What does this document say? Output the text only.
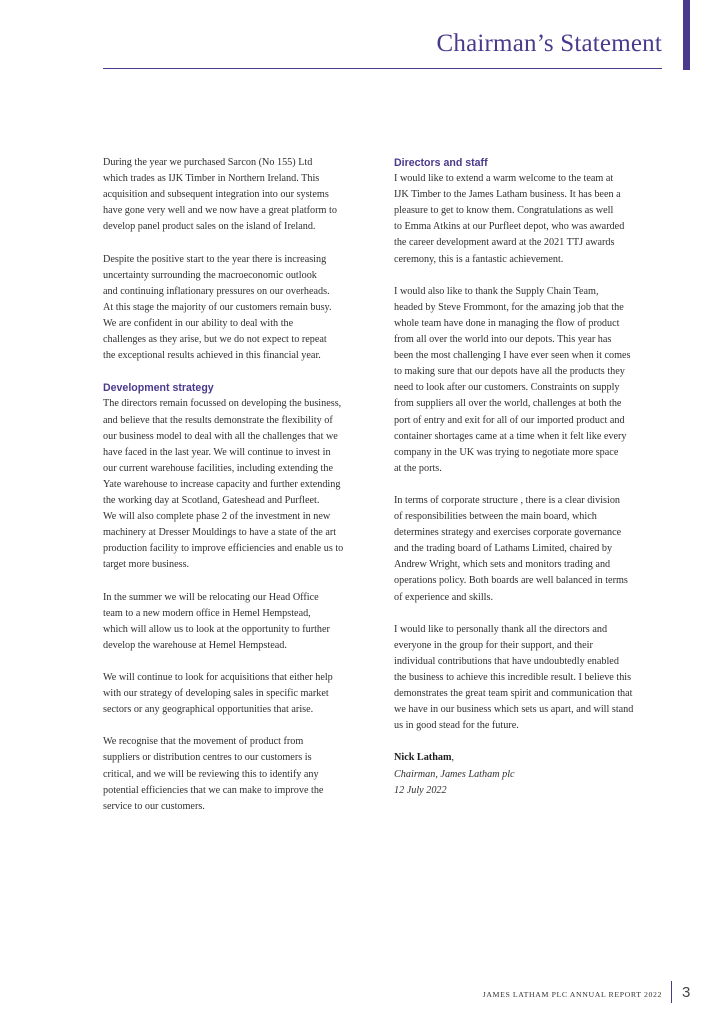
Chairman’s Statement

During the year we purchased Sarcon (No 155) Ltd
which trades as IJK Timber in Northern Ireland. This
acquisition and subsequent integration into our systems
have gone very well and we now have a great platform to
develop panel product sales on the island of Ireland.

Despite the positive start to the year there is increasing
uncertainty surrounding the macroeconomic outlook
and continuing inflationary pressures on our overheads.
At this stage the majority of our customers remain busy.
We are confident in our ability to deal with the
challenges as they arise, but we do not expect to repeat
the exceptional results achieved in this financial year.

Development strategy

The directors remain focussed on developing the business,
and believe that the results demonstrate the flexibility of
our business model to deal with all the challenges that we
have faced in the last year. We will continue to invest in
our current warehouse facilities, including extending the
Yate warehouse to increase capacity and further extending
the working day at Scotland, Gateshead and Purfleet.
We will also complete phase 2 of the investment in new
machinery at Dresser Mouldings to have a state of the art
production facility to improve efficiencies and enable us to
target more business.

In the summer we will be relocating our Head Office
team to a new modern office in Hemel Hempstead,
which will allow us to look at the opportunity to further
develop the warehouse at Hemel Hempstead.

We will continue to look for acquisitions that either help
with our strategy of developing sales in specific market
sectors or any geographical opportunities that arise.

We recognise that the movement of product from
suppliers or distribution centres to our customers is
critical, and we will be reviewing this to identify any
potential efficiencies that we can make to improve the
service to our customers.

Directors and staff

I would like to extend a warm welcome to the team at
IJK Timber to the James Latham business. It has been a
pleasure to get to know them. Congratulations as well
to Emma Atkins at our Purfleet depot, who was awarded
the career development award at the 2021 TTJ awards
ceremony, this is a fantastic achievement.

I would also like to thank the Supply Chain Team,
headed by Steve Frommont, for the amazing job that the
whole team have done in managing the flow of product
from all over the world into our depots. This year has
been the most challenging I have ever seen when it comes
to making sure that our depots have all the products they
need to look after our customers. Constraints on supply
from suppliers all over the world, challenges at both the
port of entry and exit for all of our imported product and
container shortages came at a time when it felt like every
company in the UK was trying to negotiate more space
at the ports.

In terms of corporate structure , there is a clear division
of responsibilities between the main board, which
determines strategy and exercises corporate governance
and the trading board of Lathams Limited, chaired by
Andrew Wright, which sets and monitors trading and
operations policy. Both boards are well balanced in terms
of experience and skills.

I would like to personally thank all the directors and
everyone in the group for their support, and their
individual contributions that have undoubtedly enabled
the business to achieve this incredible result. I believe this
demonstrates the great team spirit and communication that
we have in our business which sets us apart, and will stand
us in good stead for the future.

Nick Latham,
Chairman, James Latham plc
12 July 2022
JAMES LATHAM PLC ANNUAL REPORT 2022 3
